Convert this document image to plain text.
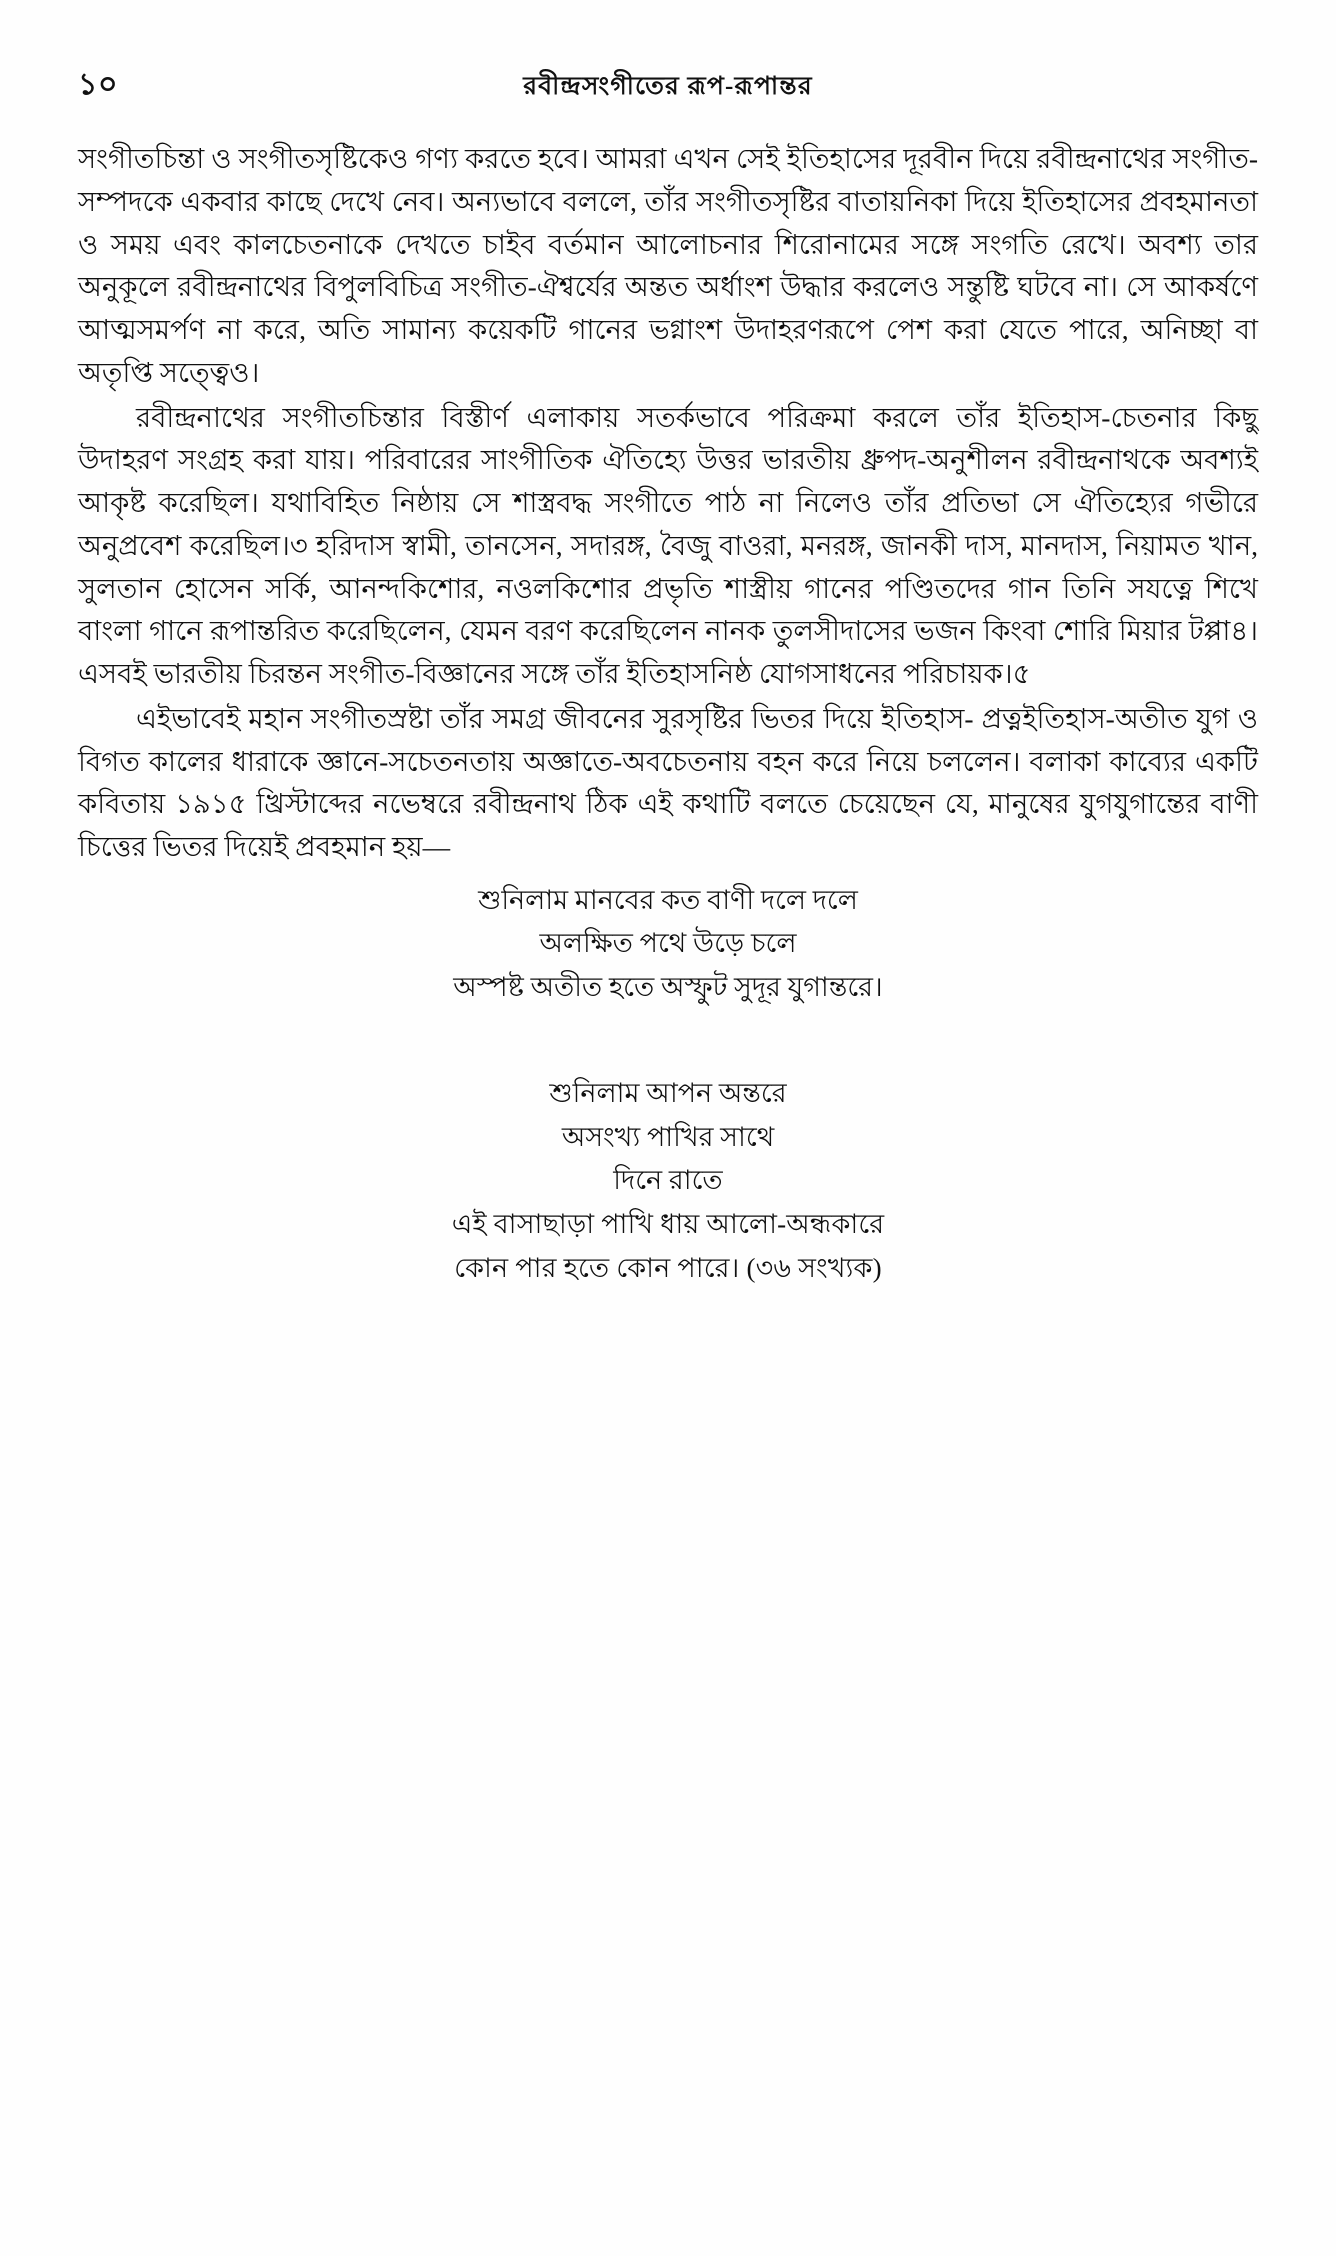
১০	রবীন্দ্রসংগীতের রূপ-রূপান্তর

সংগীতচিন্তা ও সংগীতসৃষ্টিকেও গণ্য করতে হবে। আমরা এখন সেই ইতিহাসের দূরবীন দিয়ে রবীন্দ্রনাথের সংগীত-সম্পদকে একবার কাছে দেখে নেব। অন্যভাবে বললে, তাঁর সংগীতসৃষ্টির বাতায়নিকা দিয়ে ইতিহাসের প্রবহমানতা ও সময় এবং কালচেতনাকে দেখতে চাইব বর্তমান আলোচনার শিরোনামের সঙ্গে সংগতি রেখে। অবশ্য তার অনুকূলে রবীন্দ্রনাথের বিপুলবিচিত্র সংগীত-ঐশ্বর্যের অন্তত অর্ধাংশ উদ্ধার করলেও সন্তুষ্টি ঘটবে না। সে আকর্ষণে আত্মসমর্পণ না করে, অতি সামান্য কয়েকটি গানের ভগ্নাংশ উদাহরণরূপে পেশ করা যেতে পারে, অনিচ্ছা বা অতৃপ্তি সত্ত্বেও।

রবীন্দ্রনাথের সংগীতচিন্তার বিস্তীর্ণ এলাকায় সতর্কভাবে পরিক্রমা করলে তাঁর ইতিহাস-চেতনার কিছু উদাহরণ সংগ্রহ করা যায়। পরিবারের সাংগীতিক ঐতিহ্যে উত্তর ভারতীয় ধ্রুপদ-অনুশীলন রবীন্দ্রনাথকে অবশ্যই আকৃষ্ট করেছিল। যথাবিহিত নিষ্ঠায় সে শাস্ত্রবদ্ধ সংগীতে পাঠ না নিলেও তাঁর প্রতিভা সে ঐতিহ্যের গভীরে অনুপ্রবেশ করেছিল।৩ হরিদাস স্বামী, তানসেন, সদারঙ্গ, বৈজু বাওরা, মনরঙ্গ, জানকী দাস, মানদাস, নিয়ামত খান, সুলতান হোসেন সর্কি, আনন্দকিশোর, নওলকিশোর প্রভৃতি শাস্ত্রীয় গানের পণ্ডিতদের গান তিনি সযত্নে শিখে বাংলা গানে রূপান্তরিত করেছিলেন, যেমন বরণ করেছিলেন নানক তুলসীদাসের ভজন কিংবা শোরি মিয়ার টপ্পা৪। এসবই ভারতীয় চিরন্তন সংগীত-বিজ্ঞানের সঙ্গে তাঁর ইতিহাসনিষ্ঠ যোগসাধনের পরিচায়ক।৫

এইভাবেই মহান সংগীতস্রষ্টা তাঁর সমগ্র জীবনের সুরসৃষ্টির ভিতর দিয়ে ইতিহাস- প্রত্নইতিহাস-অতীত যুগ ও বিগত কালের ধারাকে জ্ঞানে-সচেতনতায় অজ্ঞাতে-অবচেতনায় বহন করে নিয়ে চললেন। বলাকা কাব্যের একটি কবিতায় ১৯১৫ খ্রিস্টাব্দের নভেম্বরে রবীন্দ্রনাথ ঠিক এই কথাটি বলতে চেয়েছেন যে, মানুষের যুগযুগান্তের বাণী চিত্তের ভিতর দিয়েই প্রবহমান হয়—

শুনিলাম মানবের কত বাণী দলে দলে
অলক্ষিত পথে উড়ে চলে
অস্পষ্ট অতীত হতে অস্ফুট সুদূর যুগান্তরে।
শুনিলাম আপন অন্তরে
অসংখ্য পাখির সাথে
দিনে রাতে
এই বাসাছাড়া পাখি ধায় আলো-অন্ধকারে
কোন পার হতে কোন পারে। (৩৬ সংখ্যক)
